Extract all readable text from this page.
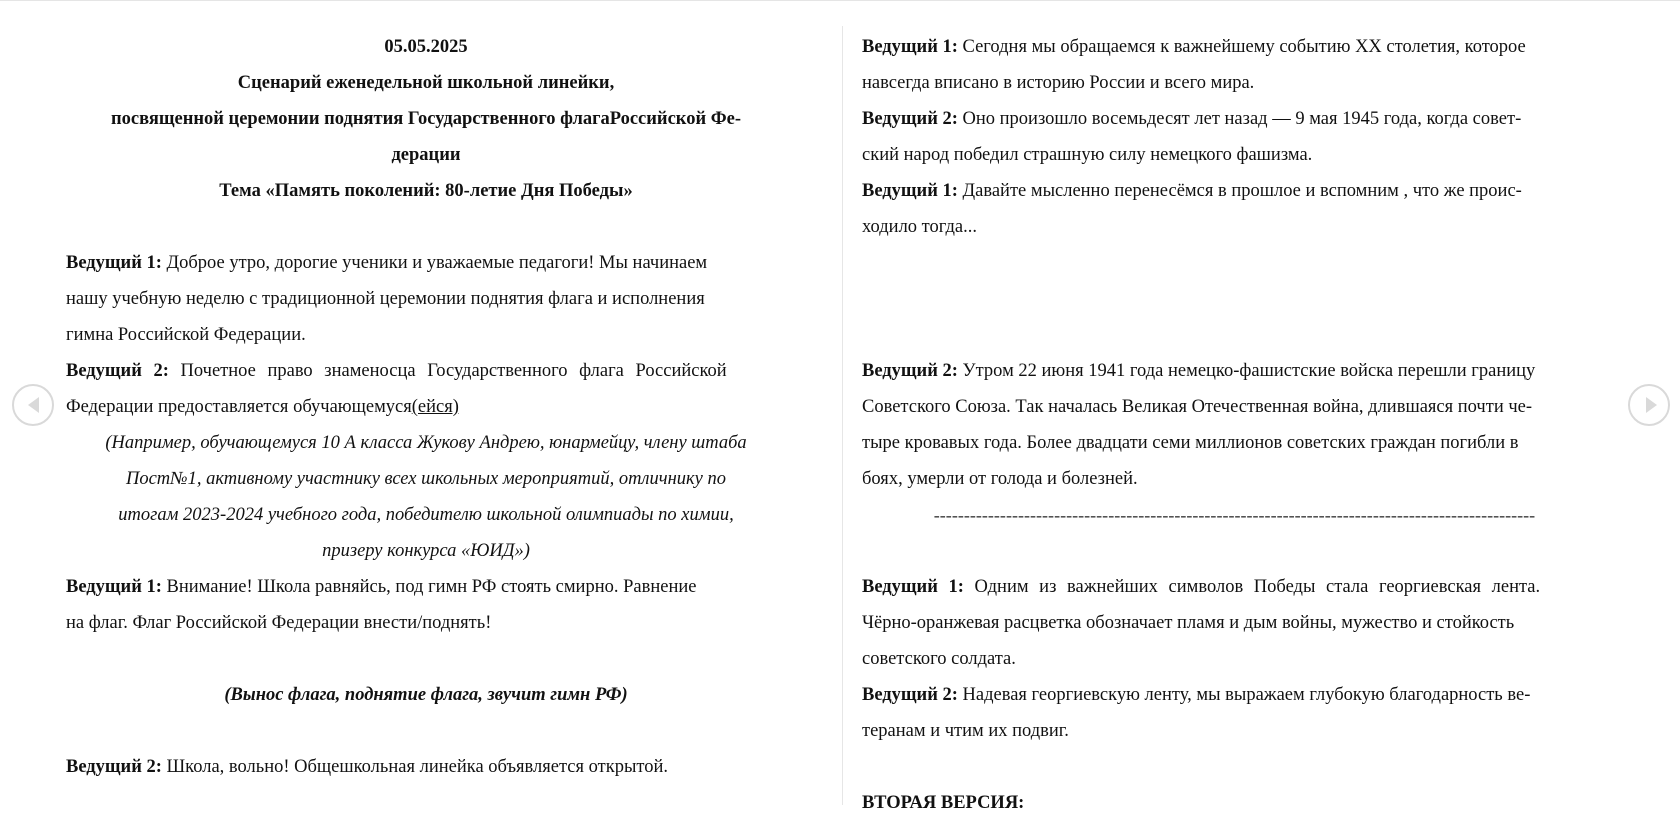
05.05.2025

Сценарий еженедельной школьной линейки,

посвященной церемонии поднятия Государственного флагаРоссийской Фе-

дерации

Тема «Память поколений: 80-летие Дня Победы»

Ведущий 1: Доброе утро, дорогие ученики и уважаемые педагоги! Мы начинаем
нашу учебную неделю с традиционной церемонии поднятия флага и исполнения
гимна Российской Федерации.
Ведущий 2: Почетное право знаменосца Государственного флага Российской
Федерации предоставляется обучающемуся(ейся)
(Например, обучающемуся 10 А класса Жукову Андрею, юнармейцу, члену штаба
Пост№1, активному участнику всех школьных мероприятий, отличнику по
итогам 2023-2024 учебного года, победителю школьной олимпиады по химии,
призеру конкурса «ЮИД»)
Ведущий 1: Внимание! Школа равняйсь, под гимн РФ стоять смирно. Равнение
на флаг. Флаг Российской Федерации внести/поднять!

(Вынос флага, поднятие флага, звучит гимн РФ)

Ведущий 2: Школа, вольно! Общешкольная линейка объявляется открытой.
Ведущий 1: Сегодня мы обращаемся к важнейшему событию XX столетия, которое
навсегда вписано в историю России и всего мира.
Ведущий 2: Оно произошло восемьдесят лет назад — 9 мая 1945 года, когда совет-
ский народ победил страшную силу немецкого фашизма.
Ведущий 1: Давайте мысленно перенесёмся в прошлое и вспомним , что же проис-
ходило тогда...
Ведущий 2: Утром 22 июня 1941 года немецко-фашистские войска перешли границу
Советского Союза. Так началась Великая Отечественная война, длившаяся почти че-
тыре кровавых года. Более двадцати семи миллионов советских граждан погибли в
боях, умерли от голода и болезней.

----------------------------------------------------------------------------------------------------

Ведущий 1: Одним из важнейших символов Победы стала георгиевская лента.
Чёрно-оранжевая расцветка обозначает пламя и дым войны, мужество и стойкость
советского солдата.
Ведущий 2: Надевая георгиевскую ленту, мы выражаем глубокую благодарность ве-
теранам и чтим их подвиг.

ВТОРАЯ ВЕРСИЯ:
